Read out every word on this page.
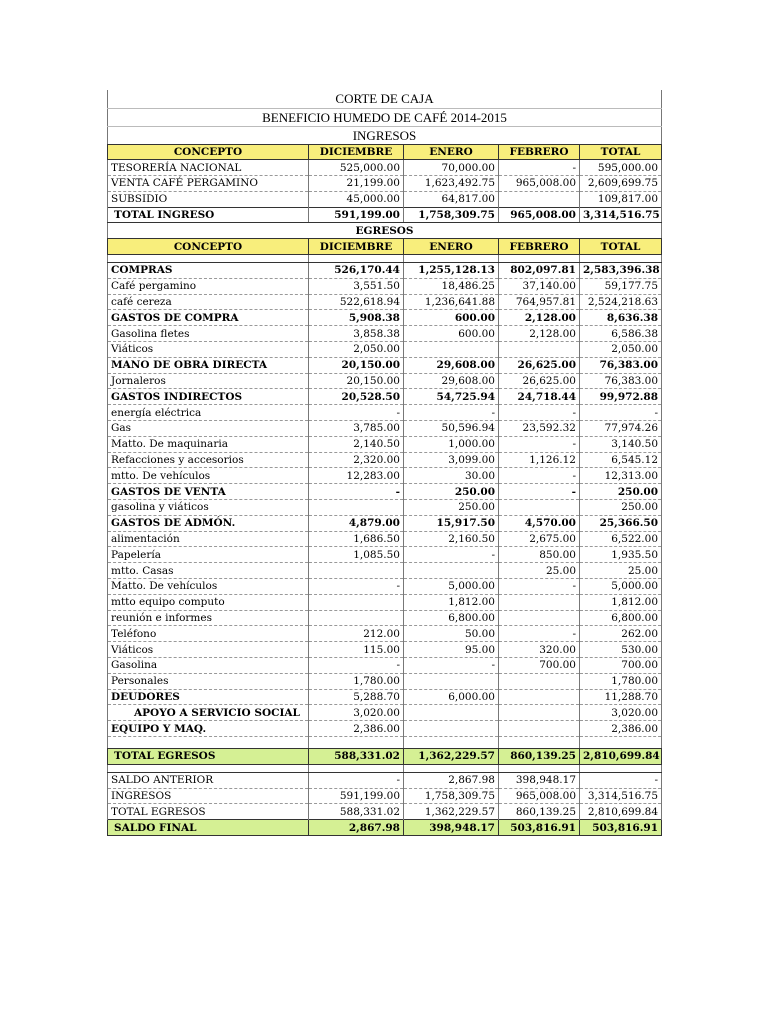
CORTE DE CAJA				
BENEFICIO HUMEDO DE CAFÉ 2014-2015				
INGRESOS				
CONCEPTO	DICIEMBRE	ENERO	FEBRERO	TOTAL
TESORERÍA NACIONAL	525,000.00	70,000.00	-	595,000.00
VENTA CAFÉ PERGAMINO	21,199.00	1,623,492.75	965,008.00	2,609,699.75
SUBSIDIO	45,000.00	64,817.00		109,817.00
TOTAL INGRESO	591,199.00	1,758,309.75	965,008.00	3,314,516.75
EGRESOS				
CONCEPTO	DICIEMBRE	ENERO	FEBRERO	TOTAL

COMPRAS	526,170.44	1,255,128.13	802,097.81	2,583,396.38
Café pergamino	3,551.50	18,486.25	37,140.00	59,177.75
café cereza	522,618.94	1,236,641.88	764,957.81	2,524,218.63
GASTOS DE COMPRA	5,908.38	600.00	2,128.00	8,636.38
Gasolina fletes	3,858.38	600.00	2,128.00	6,586.38
Viáticos	2,050.00			2,050.00
MANO DE OBRA DIRECTA	20,150.00	29,608.00	26,625.00	76,383.00
Jornaleros	20,150.00	29,608.00	26,625.00	76,383.00
GASTOS INDIRECTOS	20,528.50	54,725.94	24,718.44	99,972.88
energía eléctrica	-	-	-	-
Gas	3,785.00	50,596.94	23,592.32	77,974.26
Matto. De maquinaria	2,140.50	1,000.00	-	3,140.50
Refacciones y accesorios	2,320.00	3,099.00	1,126.12	6,545.12
mtto. De vehículos	12,283.00	30.00	-	12,313.00
GASTOS DE VENTA	-	250.00	-	250.00
gasolina y viáticos		250.00		250.00
GASTOS DE ADMÓN.	4,879.00	15,917.50	4,570.00	25,366.50
alimentación	1,686.50	2,160.50	2,675.00	6,522.00
Papelería	1,085.50	-	850.00	1,935.50
mtto. Casas			25.00	25.00
Matto. De vehículos	-	5,000.00	-	5,000.00
mtto equipo computo		1,812.00		1,812.00
reunión e informes		6,800.00		6,800.00
Teléfono	212.00	50.00	-	262.00
Viáticos	115.00	95.00	320.00	530.00
Gasolina	-	-	700.00	700.00
Personales	1,780.00			1,780.00
DEUDORES	5,288.70	6,000.00		11,288.70
APOYO A SERVICIO SOCIAL	3,020.00			3,020.00
EQUIPO Y MAQ.	2,386.00			2,386.00

TOTAL EGRESOS	588,331.02	1,362,229.57	860,139.25	2,810,699.84

SALDO ANTERIOR	-	2,867.98	398,948.17	-
INGRESOS	591,199.00	1,758,309.75	965,008.00	3,314,516.75
TOTAL EGRESOS	588,331.02	1,362,229.57	860,139.25	2,810,699.84
SALDO FINAL	2,867.98	398,948.17	503,816.91	503,816.91
